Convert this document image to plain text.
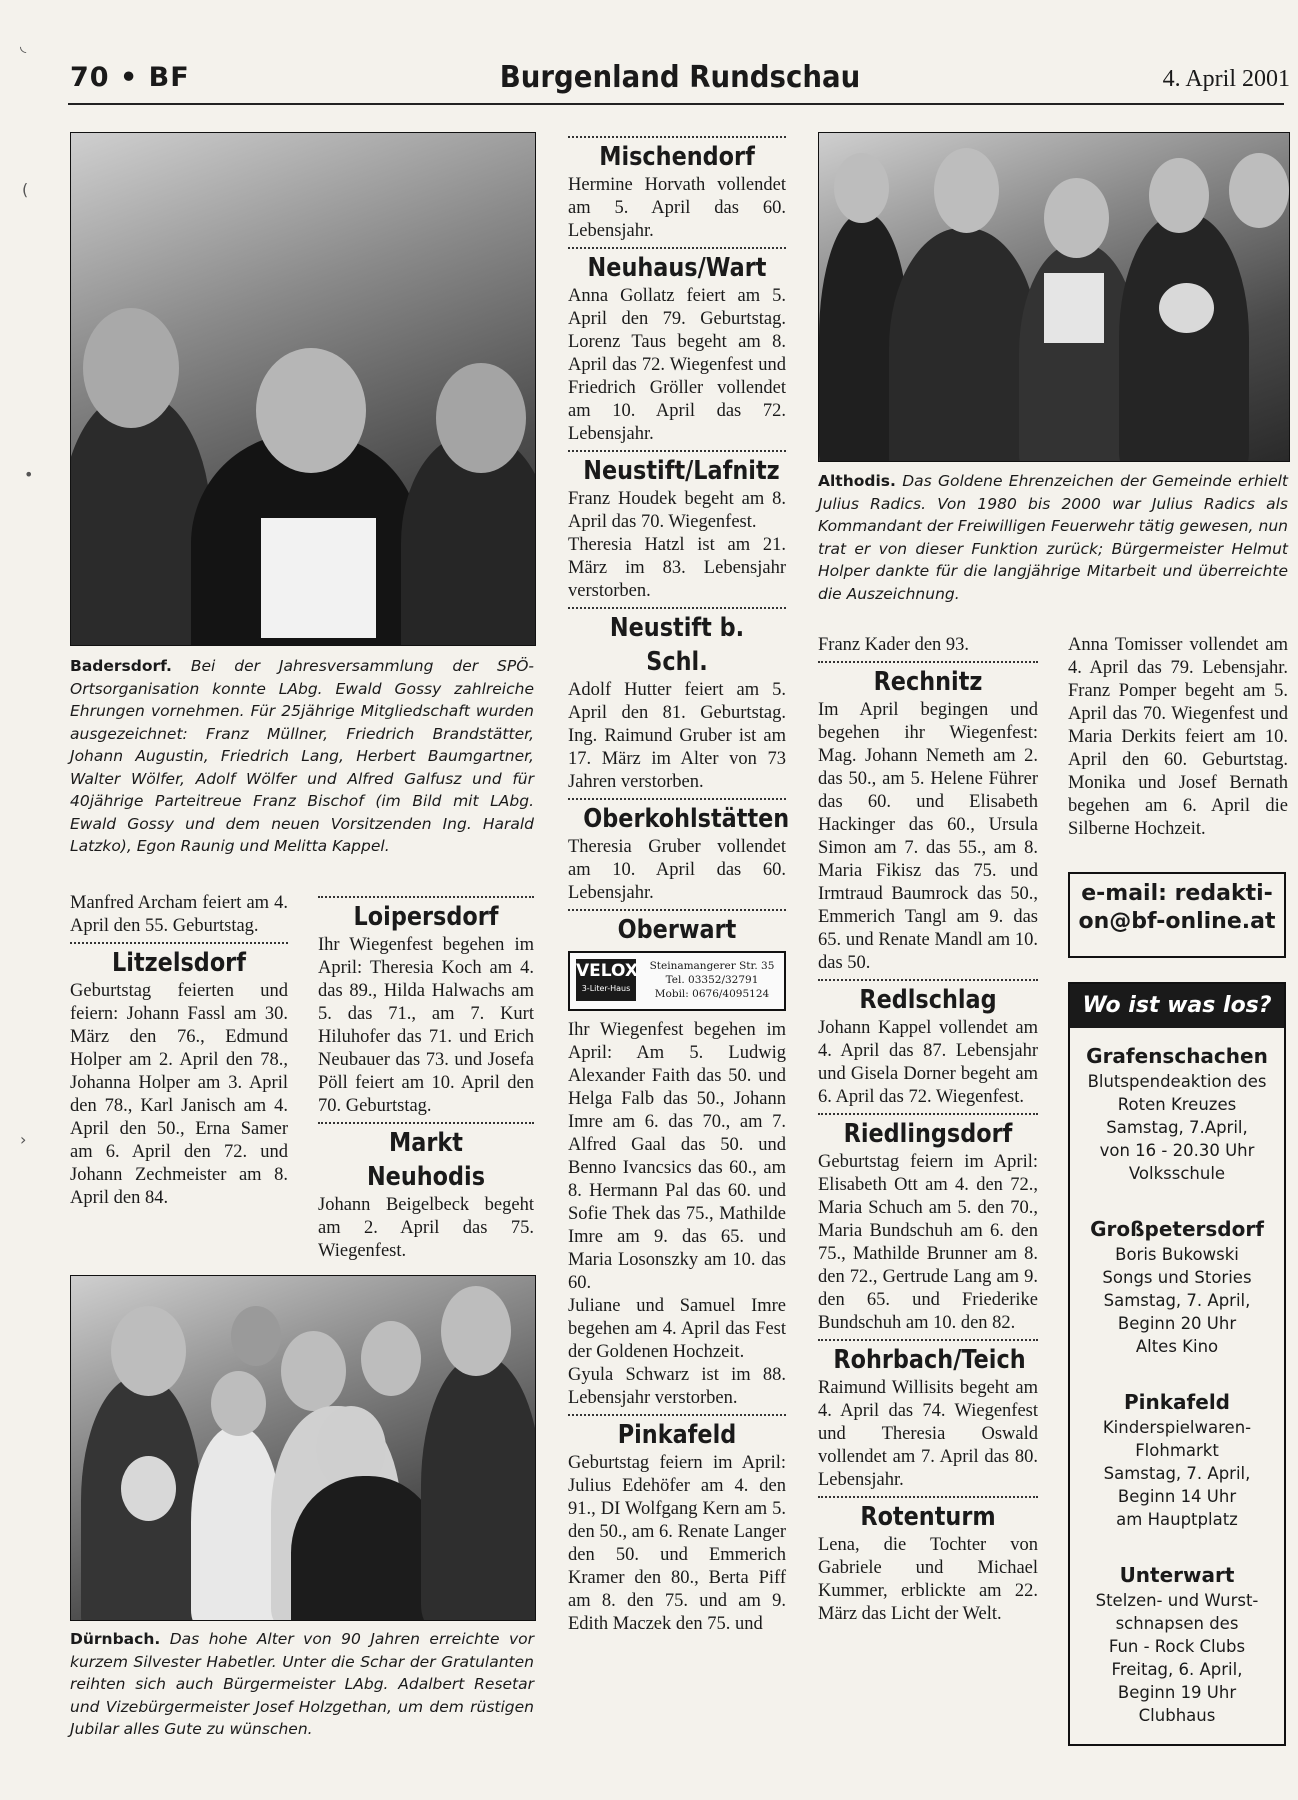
◟
(
•
›
70 • BF	Burgenland Rundschau	4. April 2001
Badersdorf. Bei der Jahresversammlung der SPÖ-Ortsorganisation konnte LAbg. Ewald Gossy zahlreiche Ehrungen vornehmen. Für 25jährige Mitgliedschaft wurden ausgezeichnet: Franz Müllner, Friedrich Brandstätter, Johann Augustin, Friedrich Lang, Herbert Baumgartner, Walter Wölfer, Adolf Wölfer und Alfred Galfusz und für 40jährige Parteitreue Franz Bischof (im Bild mit LAbg. Ewald Gossy und dem neuen Vorsitzenden Ing. Harald Latzko), Egon Raunig und Melitta Kappel.

Manfred Archam feiert am 4. April den 55. Geburtstag.

Litzelsdorf

Geburtstag feierten und feiern: Johann Fassl am 30. März den 76., Edmund Holper am 2. April den 78., Johanna Holper am 3. April den 78., Karl Janisch am 4. April den 50., Erna Samer am 6. April den 72. und Johann Zechmeister am 8. April den 84.

Loipersdorf

Ihr Wiegenfest begehen im April: Theresia Koch am 4. das 89., Hilda Halwachs am 5. das 71., am 7. Kurt Hiluhofer das 71. und Erich Neubauer das 73. und Josefa Pöll feiert am 10. April den 70. Geburtstag.

Markt Neuhodis

Johann Beigelbeck begeht am 2. April das 75. Wiegenfest.

Dürnbach. Das hohe Alter von 90 Jahren erreichte vor kurzem Silvester Habetler. Unter die Schar der Gratulanten reihten sich auch Bürgermeister LAbg. Adalbert Resetar und Vizebürgermeister Josef Holzgethan, um dem rüstigen Jubilar alles Gute zu wünschen.
Mischendorf

Hermine Horvath vollendet am 5. April das 60. Lebensjahr.

Neuhaus/Wart

Anna Gollatz feiert am 5. April den 79. Geburtstag. Lorenz Taus begeht am 8. April das 72. Wiegenfest und Friedrich Gröller vollendet am 10. April das 72. Lebensjahr.

Neustift/Lafnitz

Franz Houdek begeht am 8. April das 70. Wiegenfest.

Theresia Hatzl ist am 21. März im 83. Lebensjahr verstorben.

Neustift b. Schl.

Adolf Hutter feiert am 5. April den 81. Geburtstag. Ing. Raimund Gruber ist am 17. März im Alter von 73 Jahren verstorben.

Oberkohlstätten

Theresia Gruber vollendet am 10. April das 60. Lebensjahr.

Oberwart
VELOX
3-Liter-Haus
Steinamangerer Str. 35
Tel. 03352/32791
Mobil: 0676/4095124

Ihr Wiegenfest begehen im April: Am 5. Ludwig Alexander Faith das 50. und Helga Falb das 50., Johann Imre am 6. das 70., am 7. Alfred Gaal das 50. und Benno Ivancsics das 60., am 8. Hermann Pal das 60. und Sofie Thek das 75., Mathilde Imre am 9. das 65. und Maria Losonszky am 10. das 60.

Juliane und Samuel Imre begehen am 4. April das Fest der Goldenen Hochzeit.

Gyula Schwarz ist im 88. Lebensjahr verstorben.

Pinkafeld

Geburtstag feiern im April: Julius Edehöfer am 4. den 91., DI Wolfgang Kern am 5. den 50., am 6. Renate Langer den 50. und Emmerich Kramer den 80., Berta Piff am 8. den 75. und am 9. Edith Maczek den 75. und

Althodis. Das Goldene Ehrenzeichen der Gemeinde erhielt Julius Radics. Von 1980 bis 2000 war Julius Radics als Kommandant der Freiwilligen Feuerwehr tätig gewesen, nun trat er von dieser Funktion zurück; Bürgermeister Helmut Holper dankte für die langjährige Mitarbeit und überreichte die Auszeichnung.

Franz Kader den 93.

Rechnitz

Im April begingen und begehen ihr Wiegenfest: Mag. Johann Nemeth am 2. das 50., am 5. Helene Führer das 60. und Elisabeth Hackinger das 60., Ursula Simon am 7. das 55., am 8. Maria Fikisz das 75. und Irmtraud Baumrock das 50., Emmerich Tangl am 9. das 65. und Renate Mandl am 10. das 50.

Redlschlag

Johann Kappel vollendet am 4. April das 87. Lebensjahr und Gisela Dorner begeht am 6. April das 72. Wiegenfest.

Riedlingsdorf

Geburtstag feiern im April: Elisabeth Ott am 4. den 72., Maria Schuch am 5. den 70., Maria Bundschuh am 6. den 75., Mathilde Brunner am 8. den 72., Gertrude Lang am 9. den 65. und Friederike Bundschuh am 10. den 82.

Rohrbach/Teich

Raimund Willisits begeht am 4. April das 74. Wiegenfest und Theresia Oswald vollendet am 7. April das 80. Lebensjahr.

Rotenturm

Lena, die Tochter von Gabriele und Michael Kummer, erblickte am 22. März das Licht der Welt.

Anna Tomisser vollendet am 4. April das 79. Lebensjahr. Franz Pomper begeht am 5. April das 70. Wiegenfest und Maria Derkits feiert am 10. April den 60. Geburtstag. Monika und Josef Bernath begehen am 6. April die Silberne Hochzeit.

e-mail: redakti-
on@bf-online.at
Wo ist was los?
Grafenschachen
Blutspendeaktion des
Roten Kreuzes
Samstag, 7.April,
von 16 - 20.30 Uhr
Volksschule
Großpetersdorf
Boris Bukowski
Songs und Stories
Samstag, 7. April,
Beginn 20 Uhr
Altes Kino
Pinkafeld
Kinderspielwaren-
Flohmarkt
Samstag, 7. April,
Beginn 14 Uhr
am Hauptplatz
Unterwart
Stelzen- und Wurst-
schnapsen des
Fun - Rock Clubs
Freitag, 6. April,
Beginn 19 Uhr
Clubhaus
